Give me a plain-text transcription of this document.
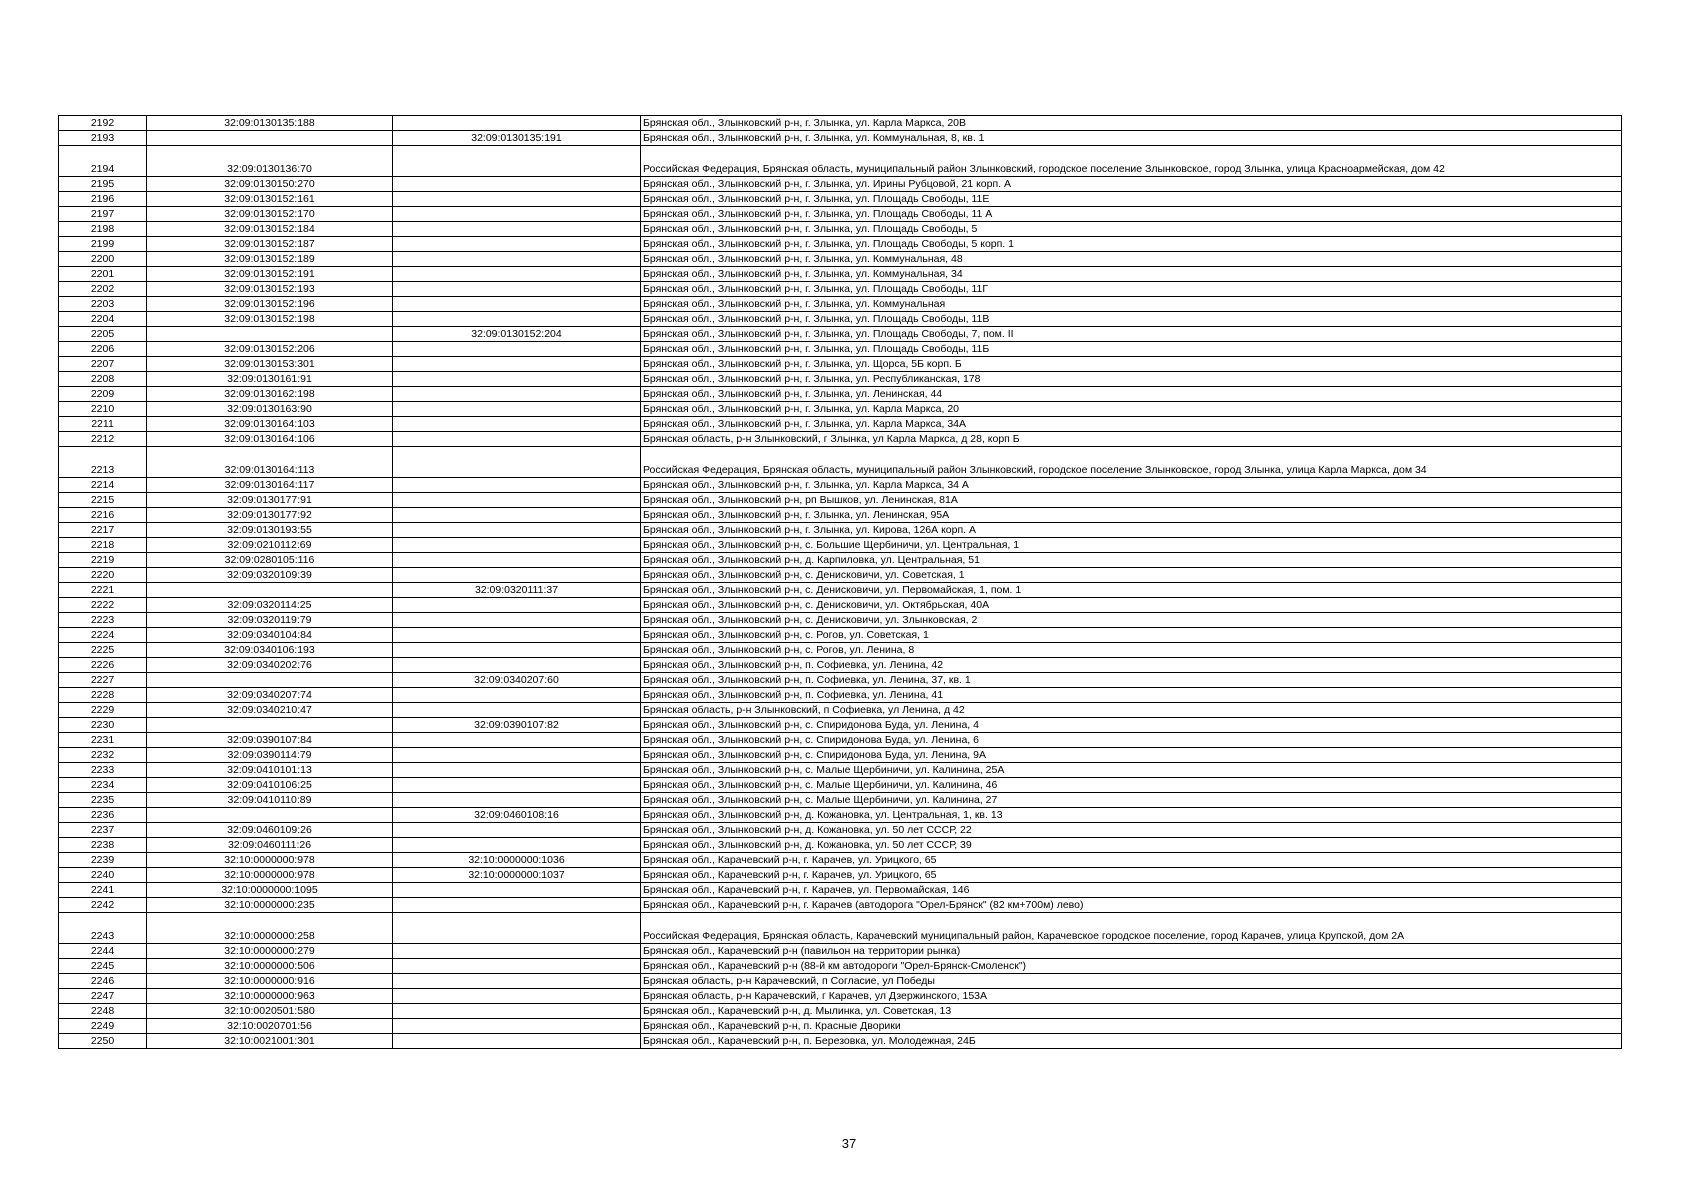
2192	32:09:0130135:188		Брянская обл., Злынковский р-н, г. Злынка, ул. Карла Маркса, 20В
2193		32:09:0130135:191	Брянская обл., Злынковский р-н, г. Злынка, ул. Коммунальная, 8, кв. 1
2194	32:09:0130136:70		Российская Федерация, Брянская область, муниципальный район Злынковский, городское поселение Злынковское, город Злынка, улица Красноармейская, дом 42
2195	32:09:0130150:270		Брянская обл., Злынковский р-н, г. Злынка, ул. Ирины Рубцовой, 21 корп. А
2196	32:09:0130152:161		Брянская обл., Злынковский р-н, г. Злынка, ул. Площадь Свободы, 11Е
2197	32:09:0130152:170		Брянская обл., Злынковский р-н, г. Злынка, ул. Площадь Свободы, 11 А
2198	32:09:0130152:184		Брянская обл., Злынковский р-н, г. Злынка, ул. Площадь Свободы, 5
2199	32:09:0130152:187		Брянская обл., Злынковский р-н, г. Злынка, ул. Площадь Свободы, 5 корп. 1
2200	32:09:0130152:189		Брянская обл., Злынковский р-н, г. Злынка, ул. Коммунальная, 48
2201	32:09:0130152:191		Брянская обл., Злынковский р-н, г. Злынка, ул. Коммунальная, 34
2202	32:09:0130152:193		Брянская обл., Злынковский р-н, г. Злынка, ул. Площадь Свободы, 11Г
2203	32:09:0130152:196		Брянская обл., Злынковский р-н, г. Злынка, ул. Коммунальная
2204	32:09:0130152:198		Брянская обл., Злынковский р-н, г. Злынка, ул. Площадь Свободы, 11В
2205		32:09:0130152:204	Брянская обл., Злынковский р-н, г. Злынка, ул. Площадь Свободы, 7, пом. II
2206	32:09:0130152:206		Брянская обл., Злынковский р-н, г. Злынка, ул. Площадь Свободы, 11Б
2207	32:09:0130153:301		Брянская обл., Злынковский р-н, г. Злынка, ул. Щорса, 5Б корп. Б
2208	32:09:0130161:91		Брянская обл., Злынковский р-н, г. Злынка, ул. Республиканская, 178
2209	32:09:0130162:198		Брянская обл., Злынковский р-н, г. Злынка, ул. Ленинская, 44
2210	32:09:0130163:90		Брянская обл., Злынковский р-н, г. Злынка, ул. Карла Маркса, 20
2211	32:09:0130164:103		Брянская обл., Злынковский р-н, г. Злынка, ул. Карла Маркса, 34А
2212	32:09:0130164:106		Брянская область, р-н Злынковский, г Злынка, ул Карла Маркса, д 28, корп Б
2213	32:09:0130164:113		Российская Федерация, Брянская область, муниципальный район Злынковский, городское поселение Злынковское, город Злынка, улица Карла Маркса, дом 34
2214	32:09:0130164:117		Брянская обл., Злынковский р-н, г. Злынка, ул. Карла Маркса, 34 А
2215	32:09:0130177:91		Брянская обл., Злынковский р-н, рп Вышков, ул. Ленинская, 81А
2216	32:09:0130177:92		Брянская обл., Злынковский р-н, г. Злынка, ул. Ленинская, 95А
2217	32:09:0130193:55		Брянская обл., Злынковский р-н, г. Злынка, ул. Кирова, 126А корп. А
2218	32:09:0210112:69		Брянская обл., Злынковский р-н, с. Большие Щербиничи, ул. Центральная, 1
2219	32:09:0280105:116		Брянская обл., Злынковский р-н, д. Карпиловка, ул. Центральная, 51
2220	32:09:0320109:39		Брянская обл., Злынковский р-н, с. Денисковичи, ул. Советская, 1
2221		32:09:0320111:37	Брянская обл., Злынковский р-н, с. Денисковичи, ул. Первомайская, 1, пом. 1
2222	32:09:0320114:25		Брянская обл., Злынковский р-н, с. Денисковичи, ул. Октябрьская, 40А
2223	32:09:0320119:79		Брянская обл., Злынковский р-н, с. Денисковичи, ул. Злынковская, 2
2224	32:09:0340104:84		Брянская обл., Злынковский р-н, с. Рогов, ул. Советская, 1
2225	32:09:0340106:193		Брянская обл., Злынковский р-н, с. Рогов, ул. Ленина, 8
2226	32:09:0340202:76		Брянская обл., Злынковский р-н, п. Софиевка, ул. Ленина, 42
2227		32:09:0340207:60	Брянская обл., Злынковский р-н, п. Софиевка, ул. Ленина, 37, кв. 1
2228	32:09:0340207:74		Брянская обл., Злынковский р-н, п. Софиевка, ул. Ленина, 41
2229	32:09:0340210:47		Брянская область, р-н Злынковский, п Софиевка, ул Ленина, д 42
2230		32:09:0390107:82	Брянская обл., Злынковский р-н, с. Спиридонова Буда, ул. Ленина, 4
2231	32:09:0390107:84		Брянская обл., Злынковский р-н, с. Спиридонова Буда, ул. Ленина, 6
2232	32:09:0390114:79		Брянская обл., Злынковский р-н, с. Спиридонова Буда, ул. Ленина, 9А
2233	32:09:0410101:13		Брянская обл., Злынковский р-н, с. Малые Щербиничи, ул. Калинина, 25А
2234	32:09:0410106:25		Брянская обл., Злынковский р-н, с. Малые Щербиничи, ул. Калинина, 46
2235	32:09:0410110:89		Брянская обл., Злынковский р-н, с. Малые Щербиничи, ул. Калинина, 27
2236		32:09:0460108:16	Брянская обл., Злынковский р-н, д. Кожановка, ул. Центральная, 1, кв. 13
2237	32:09:0460109:26		Брянская обл., Злынковский р-н, д. Кожановка, ул. 50 лет СССР, 22
2238	32:09:0460111:26		Брянская обл., Злынковский р-н, д. Кожановка, ул. 50 лет СССР, 39
2239	32:10:0000000:978	32:10:0000000:1036	Брянская обл., Карачевский р-н, г. Карачев, ул. Урицкого, 65
2240	32:10:0000000:978	32:10:0000000:1037	Брянская обл., Карачевский р-н, г. Карачев, ул. Урицкого, 65
2241	32:10:0000000:1095		Брянская обл., Карачевский р-н, г. Карачев, ул. Первомайская, 146
2242	32:10:0000000:235		Брянская обл., Карачевский р-н, г. Карачев (автодорога "Орел-Брянск" (82 км+700м) лево)
2243	32:10:0000000:258		Российская Федерация, Брянская область, Карачевский муниципальный район, Карачевское городское поселение, город Карачев, улица Крупской, дом 2А
2244	32:10:0000000:279		Брянская обл., Карачевский р-н (павильон на территории рынка)
2245	32:10:0000000:506		Брянская обл., Карачевский р-н (88-й км автодороги "Орел-Брянск-Смоленск")
2246	32:10:0000000:916		Брянская область, р-н Карачевский, п Согласие, ул Победы
2247	32:10:0000000:963		Брянская область, р-н Карачевский, г Карачев, ул Дзержинского, 153А
2248	32:10:0020501:580		Брянская обл., Карачевский р-н, д. Мылинка, ул. Советская, 13
2249	32:10:0020701:56		Брянская обл., Карачевский р-н, п. Красные Дворики
2250	32:10:0021001:301		Брянская обл., Карачевский р-н, п. Березовка, ул. Молодежная, 24Б
37
